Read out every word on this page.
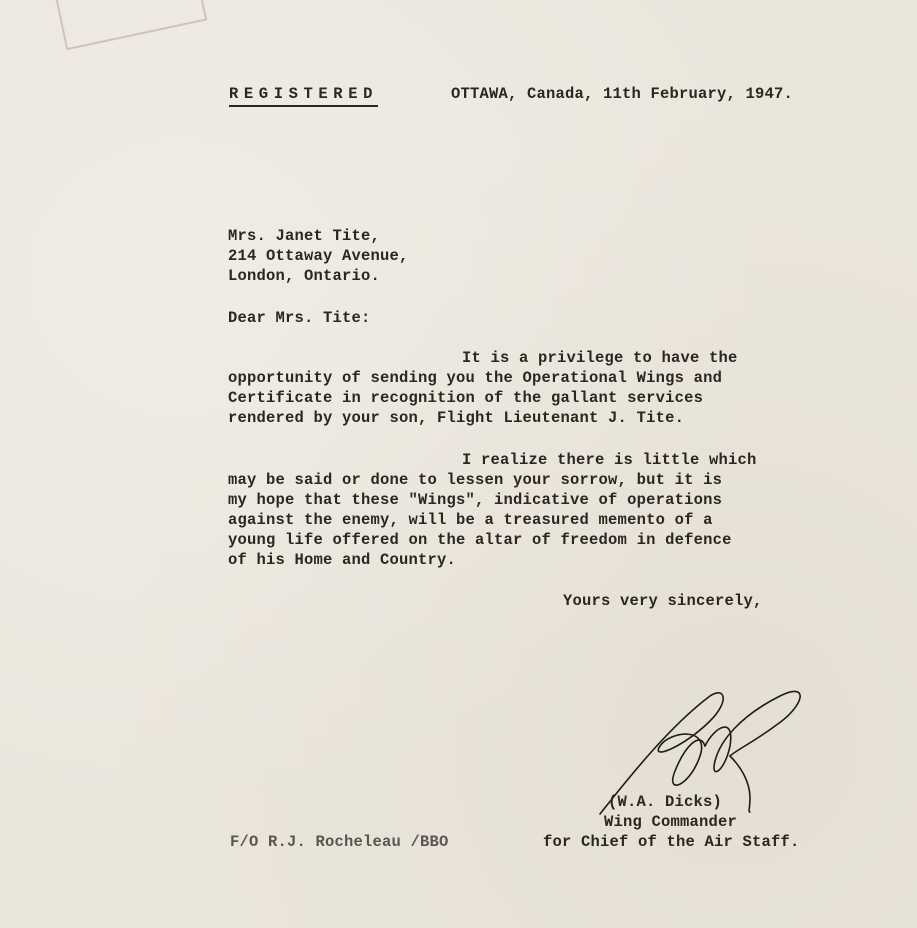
REGISTERED	OTTAWA, Canada, 11th February, 1947.
Mrs. Janet Tite,
214 Ottaway Avenue,
London, Ontario.
Dear Mrs. Tite:
It is a privilege to have the
opportunity of sending you the Operational Wings and
Certificate in recognition of the gallant services
rendered by your son, Flight Lieutenant J. Tite.
I realize there is little which
may be said or done to lessen your sorrow, but it is
my hope that these "Wings", indicative of operations
against the enemy, will be a treasured memento of a
young life offered on the altar of freedom in defence
of his Home and Country.
Yours very sincerely,
(W.A. Dicks)
Wing Commander
for Chief of the Air Staff.
F/O R.J. Rocheleau /BBO
